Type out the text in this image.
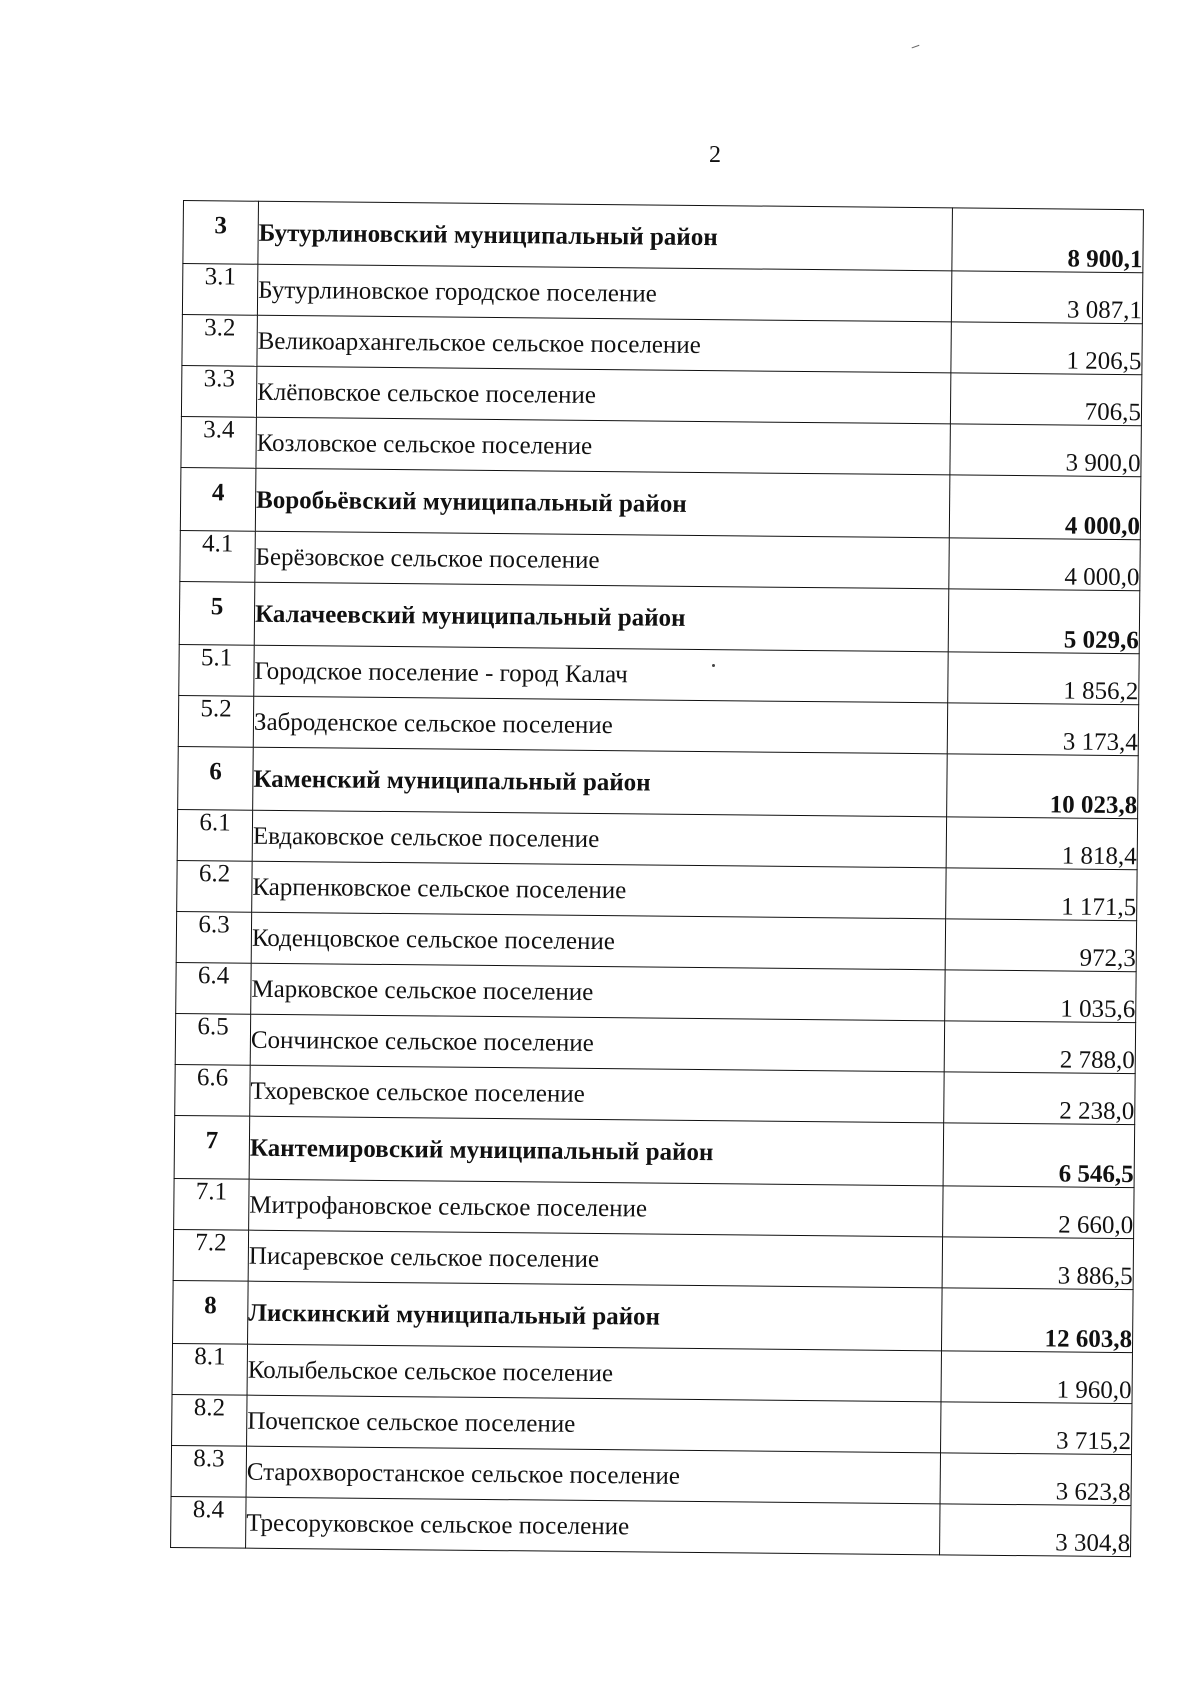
2
3	Бутурлиновский муниципальный район	8 900,1
3.1	Бутурлиновское городское поселение	3 087,1
3.2	Великоархангельское сельское поселение	1 206,5
3.3	Клёповское сельское поселение	706,5
3.4	Козловское сельское поселение	3 900,0
4	Воробьёвский муниципальный район	4 000,0
4.1	Берёзовское сельское поселение	4 000,0
5	Калачеевский муниципальный район	5 029,6
5.1	Городское поселение - город Калач	1 856,2
5.2	Заброденское сельское поселение	3 173,4
6	Каменский муниципальный район	10 023,8
6.1	Евдаковское сельское поселение	1 818,4
6.2	Карпенковское сельское поселение	1 171,5
6.3	Коденцовское сельское поселение	972,3
6.4	Марковское сельское поселение	1 035,6
6.5	Сончинское сельское поселение	2 788,0
6.6	Тхоревское сельское поселение	2 238,0
7	Кантемировский муниципальный район	6 546,5
7.1	Митрофановское сельское поселение	2 660,0
7.2	Писаревское сельское поселение	3 886,5
8	Лискинский муниципальный район	12 603,8
8.1	Колыбельское сельское поселение	1 960,0
8.2	Почепское сельское поселение	3 715,2
8.3	Старохворостанское сельское поселение	3 623,8
8.4	Тресоруковское сельское поселение	3 304,8
